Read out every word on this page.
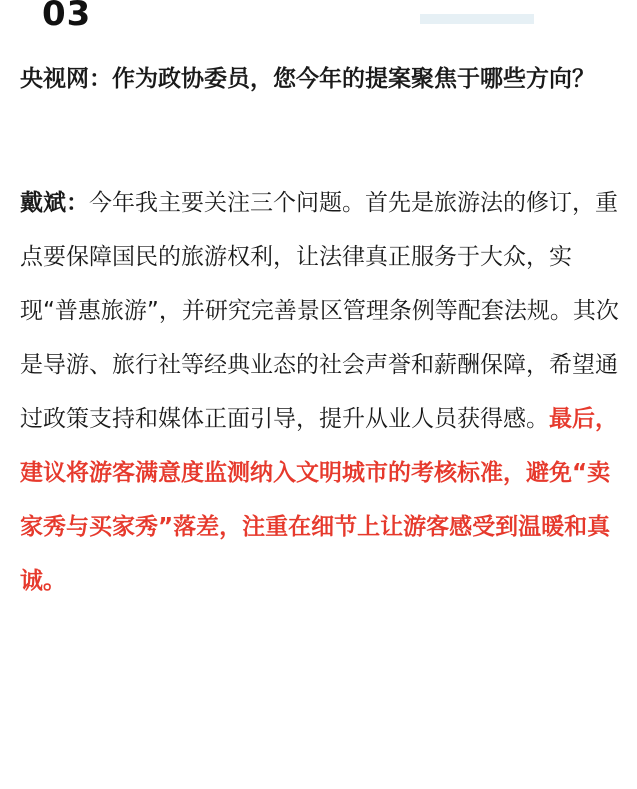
03

央视网：作为政协委员，您今年的提案聚焦于哪些方向？

戴斌：今年我主要关注三个问题。首先是旅游法的修订，重点要保障国民的旅游权利，让法律真正服务于大众，实现“普惠旅游”，并研究完善景区管理条例等配套法规。其次是导游、旅行社等经典业态的社会声誉和薪酬保障，希望通过政策支持和媒体正面引导，提升从业人员获得感。最后，建议将游客满意度监测纳入文明城市的考核标准，避免“卖家秀与买家秀”落差，注重在细节上让游客感受到温暖和真诚。
